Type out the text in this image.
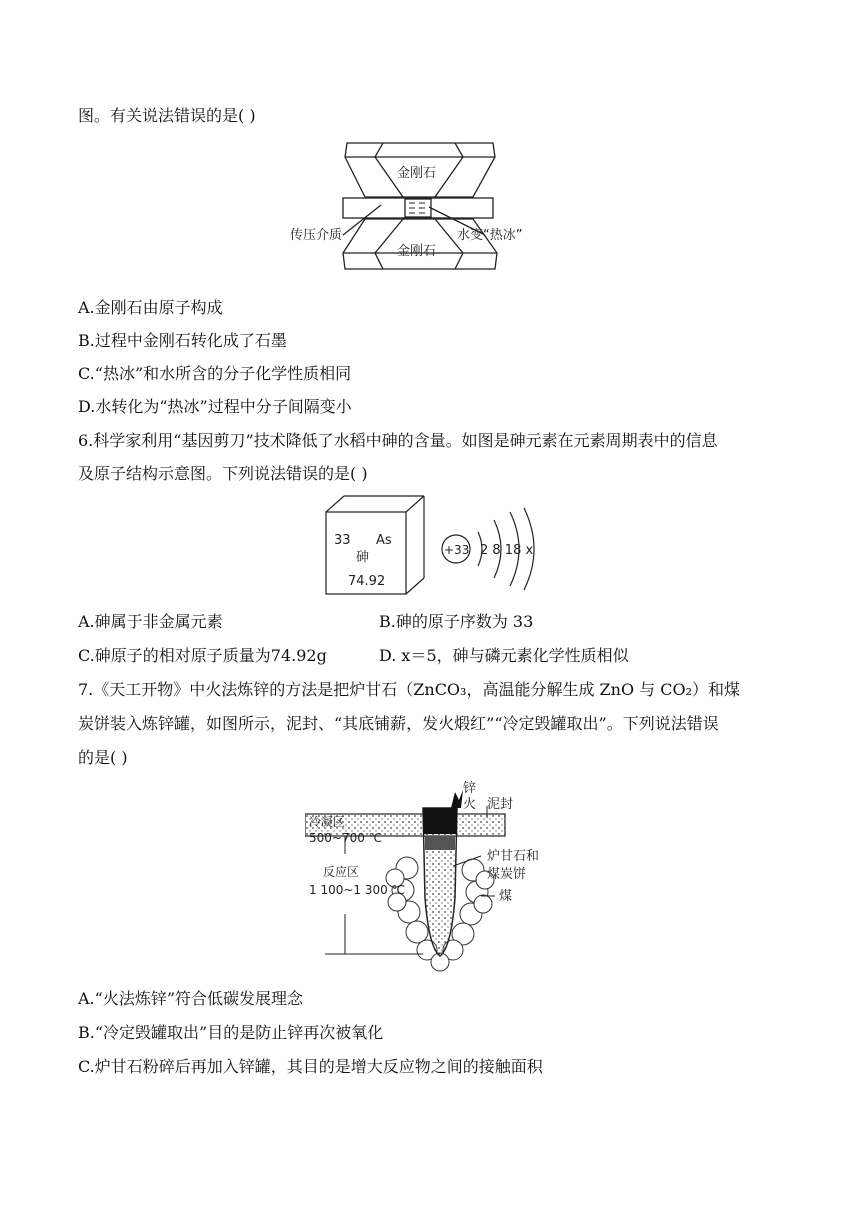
图。有关说法错误的是( )
金刚石
金刚石
传压介质	水变“热冰”
A.金刚石由原子构成
B.过程中金刚石转化成了石墨
C.“热冰”和水所含的分子化学性质相同
D.水转化为“热冰”过程中分子间隔变小
6.科学家利用“基因剪刀”技术降低了水稻中砷的含量。如图是砷元素在元素周期表中的信息
及原子结构示意图。下列说法错误的是( )
33 As
砷
74.92
+33 2 8 18 x
A.砷属于非金属元素	B.砷的原子序数为 33
C.砷原子的相对原子质量为74.92g	D. x＝5，砷与磷元素化学性质相似
7.《天工开物》中火法炼锌的方法是把炉甘石（ZnCO₃，高温能分解生成 ZnO 与 CO₂）和煤
炭饼装入炼锌罐，如图所示，泥封、“其底铺薪，发火煅红”“冷定毁罐取出”。下列说法错误
的是( )
锌
火 泥封
冷凝区
500~700 ℃
反应区
1 100~1 300 ℃
炉甘石和
煤炭饼
煤
A.“火法炼锌”符合低碳发展理念
B.“冷定毁罐取出”目的是防止锌再次被氧化
C.炉甘石粉碎后再加入锌罐，其目的是增大反应物之间的接触面积
